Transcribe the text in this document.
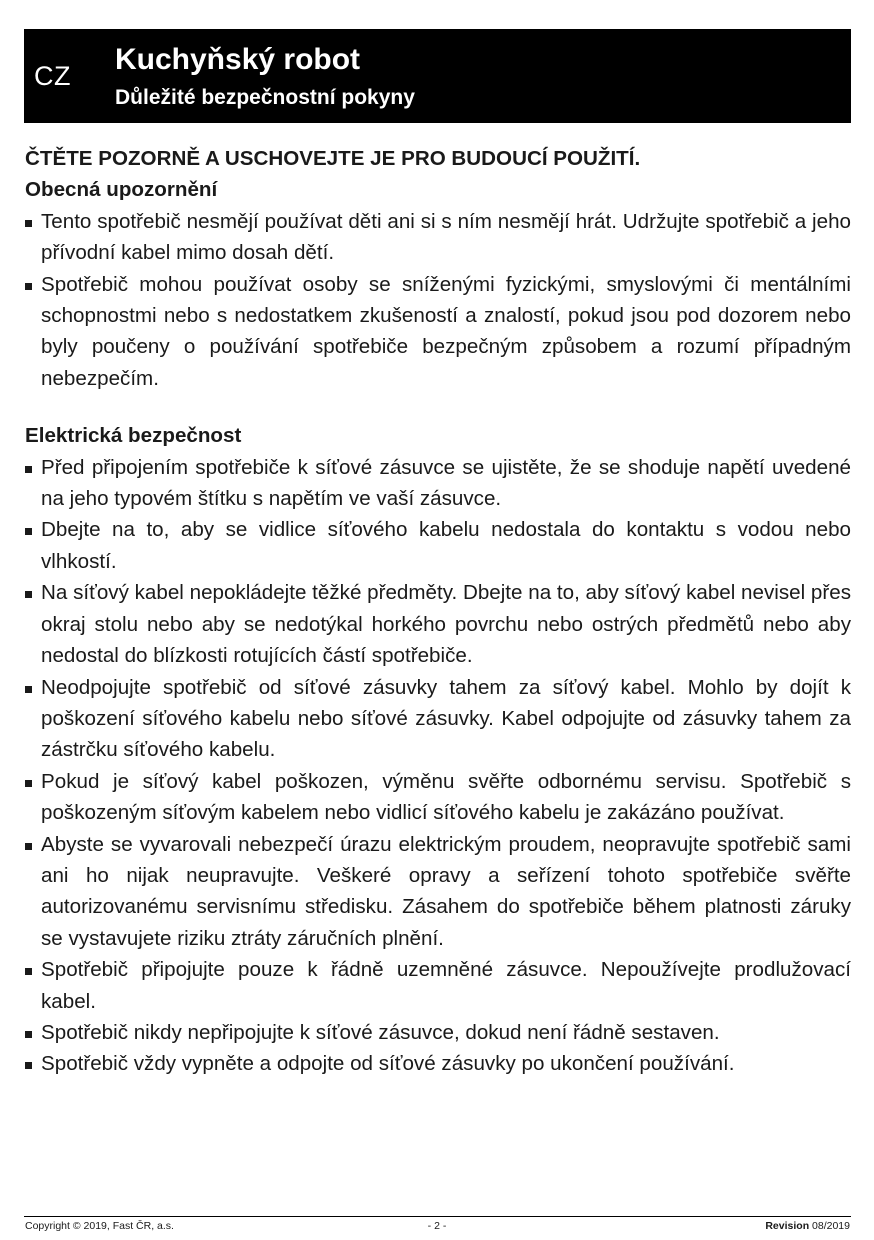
CZ Kuchyňský robot
Důležité bezpečnostní pokyny

ČTĚTE POZORNĚ A USCHOVEJTE JE PRO BUDOUCÍ POUŽITÍ.

Obecná upozornění

Tento spotřebič nesmějí používat děti ani si s ním nesmějí hrát. Udržujte spotřebič a jeho přívodní kabel mimo dosah dětí.
Spotřebič mohou používat osoby se sníženými fyzickými, smyslovými či mentálními schopnostmi nebo s nedostatkem zkušeností a znalostí, pokud jsou pod dozorem nebo byly poučeny o používání spotřebiče bezpečným způsobem a rozumí případným nebezpečím.

Elektrická bezpečnost

Před připojením spotřebiče k síťové zásuvce se ujistěte, že se shoduje napětí uvedené na jeho typovém štítku s napětím ve vaší zásuvce.
Dbejte na to, aby se vidlice síťového kabelu nedostala do kontaktu s vodou nebo vlhkostí.
Na síťový kabel nepokládejte těžké předměty. Dbejte na to, aby síťový kabel nevisel přes okraj stolu nebo aby se nedotýkal horkého povrchu nebo ostrých předmětů nebo aby nedostal do blízkosti rotujících částí spotřebiče.
Neodpojujte spotřebič od síťové zásuvky tahem za síťový kabel. Mohlo by dojít k poškození síťového kabelu nebo síťové zásuvky. Kabel odpojujte od zásuvky tahem za zástrčku síťového kabelu.
Pokud je síťový kabel poškozen, výměnu svěřte odbornému servisu. Spotřebič s poškozeným síťovým kabelem nebo vidlicí síťového kabelu je zakázáno používat.
Abyste se vyvarovali nebezpečí úrazu elektrickým proudem, neopravujte spotřebič sami ani ho nijak neupravujte. Veškeré opravy a seřízení tohoto spotřebiče svěřte autorizovanému servisnímu středisku. Zásahem do spotřebiče během platnosti záruky se vystavujete riziku ztráty záručních plnění.
Spotřebič připojujte pouze k řádně uzemněné zásuvce. Nepoužívejte prodlužovací kabel.
Spotřebič nikdy nepřipojujte k síťové zásuvce, dokud není řádně sestaven.
Spotřebič vždy vypněte a odpojte od síťové zásuvky po ukončení používání.
Copyright © 2019, Fast ČR, a.s.	- 2 -	Revision 08/2019
